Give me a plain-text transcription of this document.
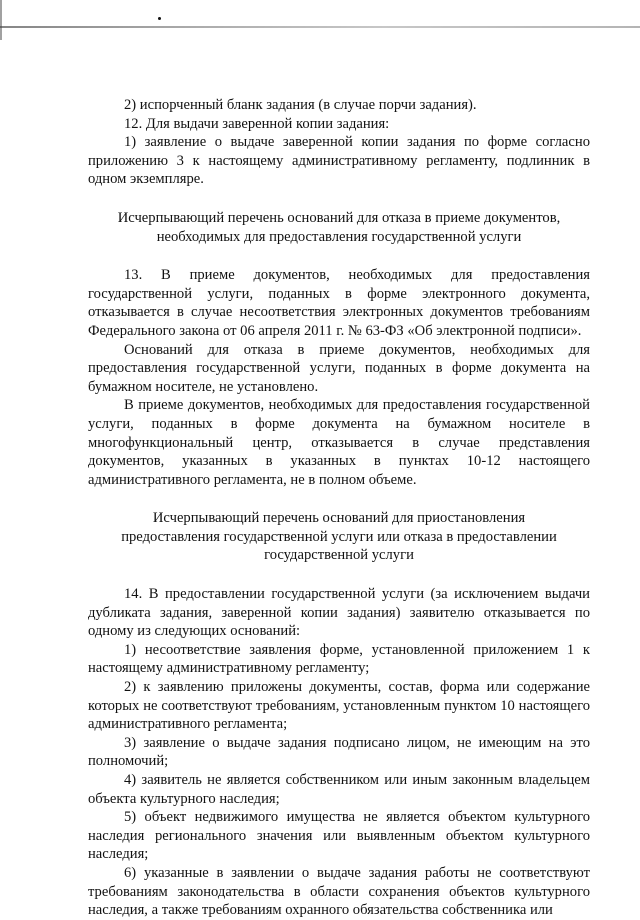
2) испорченный бланк задания (в случае порчи задания).

12. Для выдачи заверенной копии задания:

1) заявление о выдаче заверенной копии задания по форме согласно приложению 3 к настоящему административному регламенту, подлинник в одном экземпляре.

Исчерпывающий перечень оснований для отказа в приеме документов,

необходимых для предоставления государственной услуги

13. В приеме документов, необходимых для предоставления государственной услуги, поданных в форме электронного документа, отказывается в случае несоответствия электронных документов требованиям Федерального закона от 06 апреля 2011 г. № 63-ФЗ «Об электронной подписи».

Оснований для отказа в приеме документов, необходимых для предоставления государственной услуги, поданных в форме документа на бумажном носителе, не установлено.

В приеме документов, необходимых для предоставления государственной услуги, поданных в форме документа на бумажном носителе в многофункциональный центр, отказывается в случае представления документов, указанных в указанных в пунктах 10-12 настоящего административного регламента, не в полном объеме.

Исчерпывающий перечень оснований для приостановления

предоставления государственной услуги или отказа в предоставлении

государственной услуги

14. В предоставлении государственной услуги (за исключением выдачи дубликата задания, заверенной копии задания) заявителю отказывается по одному из следующих оснований:

1) несоответствие заявления форме, установленной приложением 1 к настоящему административному регламенту;

2) к заявлению приложены документы, состав, форма или содержание которых не соответствуют требованиям, установленным пунктом 10 настоящего административного регламента;

3) заявление о выдаче задания подписано лицом, не имеющим на это полномочий;

4) заявитель не является собственником или иным законным владельцем объекта культурного наследия;

5) объект недвижимого имущества не является объектом культурного наследия регионального значения или выявленным объектом культурного наследия;

6) указанные в заявлении о выдаче задания работы не соответствуют требованиям законодательства в области сохранения объектов культурного наследия, а также требованиям охранного обязательства собственника или
